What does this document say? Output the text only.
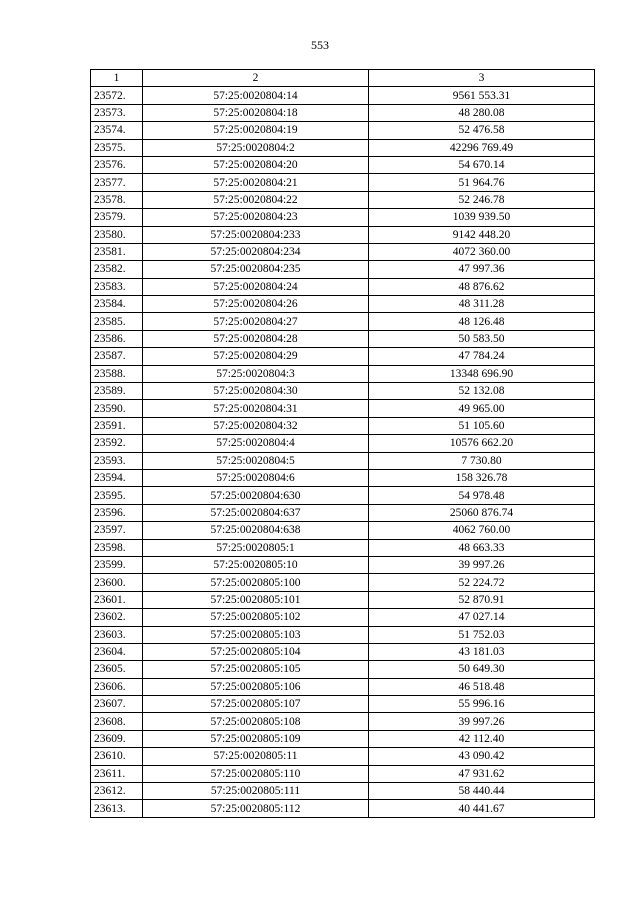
553
1	2	3
23572.	57:25:0020804:14	9561 553.31
23573.	57:25:0020804:18	48 280.08
23574.	57:25:0020804:19	52 476.58
23575.	57:25:0020804:2	42296 769.49
23576.	57:25:0020804:20	54 670.14
23577.	57:25:0020804:21	51 964.76
23578.	57:25:0020804:22	52 246.78
23579.	57:25:0020804:23	1039 939.50
23580.	57:25:0020804:233	9142 448.20
23581.	57:25:0020804:234	4072 360.00
23582.	57:25:0020804:235	47 997.36
23583.	57:25:0020804:24	48 876.62
23584.	57:25:0020804:26	48 311.28
23585.	57:25:0020804:27	48 126.48
23586.	57:25:0020804:28	50 583.50
23587.	57:25:0020804:29	47 784.24
23588.	57:25:0020804:3	13348 696.90
23589.	57:25:0020804:30	52 132.08
23590.	57:25:0020804:31	49 965.00
23591.	57:25:0020804:32	51 105.60
23592.	57:25:0020804:4	10576 662.20
23593.	57:25:0020804:5	7 730.80
23594.	57:25:0020804:6	158 326.78
23595.	57:25:0020804:630	54 978.48
23596.	57:25:0020804:637	25060 876.74
23597.	57:25:0020804:638	4062 760.00
23598.	57:25:0020805:1	48 663.33
23599.	57:25:0020805:10	39 997.26
23600.	57:25:0020805:100	52 224.72
23601.	57:25:0020805:101	52 870.91
23602.	57:25:0020805:102	47 027.14
23603.	57:25:0020805:103	51 752.03
23604.	57:25:0020805:104	43 181.03
23605.	57:25:0020805:105	50 649.30
23606.	57:25:0020805:106	46 518.48
23607.	57:25:0020805:107	55 996.16
23608.	57:25:0020805:108	39 997.26
23609.	57:25:0020805:109	42 112.40
23610.	57:25:0020805:11	43 090.42
23611.	57:25:0020805:110	47 931.62
23612.	57:25:0020805:111	58 440.44
23613.	57:25:0020805:112	40 441.67
